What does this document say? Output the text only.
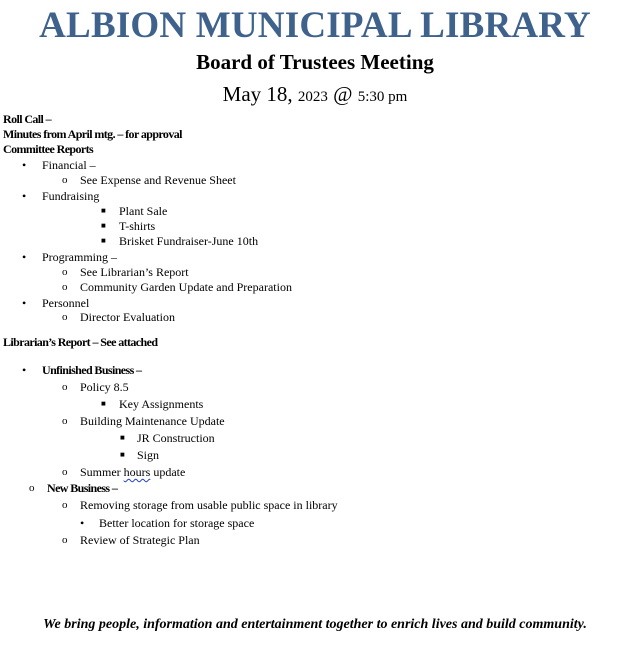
ALBION MUNICIPAL LIBRARY
Board of Trustees Meeting
May 18, 2023 @ 5:30 pm
Roll Call –
Minutes from April mtg. – for approval
Committee Reports
• Financial –
o See Expense and Revenue Sheet
• Fundraising
■ Plant Sale
■ T-shirts
■ Brisket Fundraiser-June 10th
• Programming –
o See Librarian’s Report
o Community Garden Update and Preparation
• Personnel
o Director Evaluation
Librarian’s Report – See attached
• Unfinished Business –
o Policy 8.5
■ Key Assignments
o Building Maintenance Update
■ JR Construction
■ Sign
o Summer hours update
o New Business –
o Removing storage from usable public space in library
• Better location for storage space
o Review of Strategic Plan
We bring people, information and entertainment together to enrich lives and build community.
